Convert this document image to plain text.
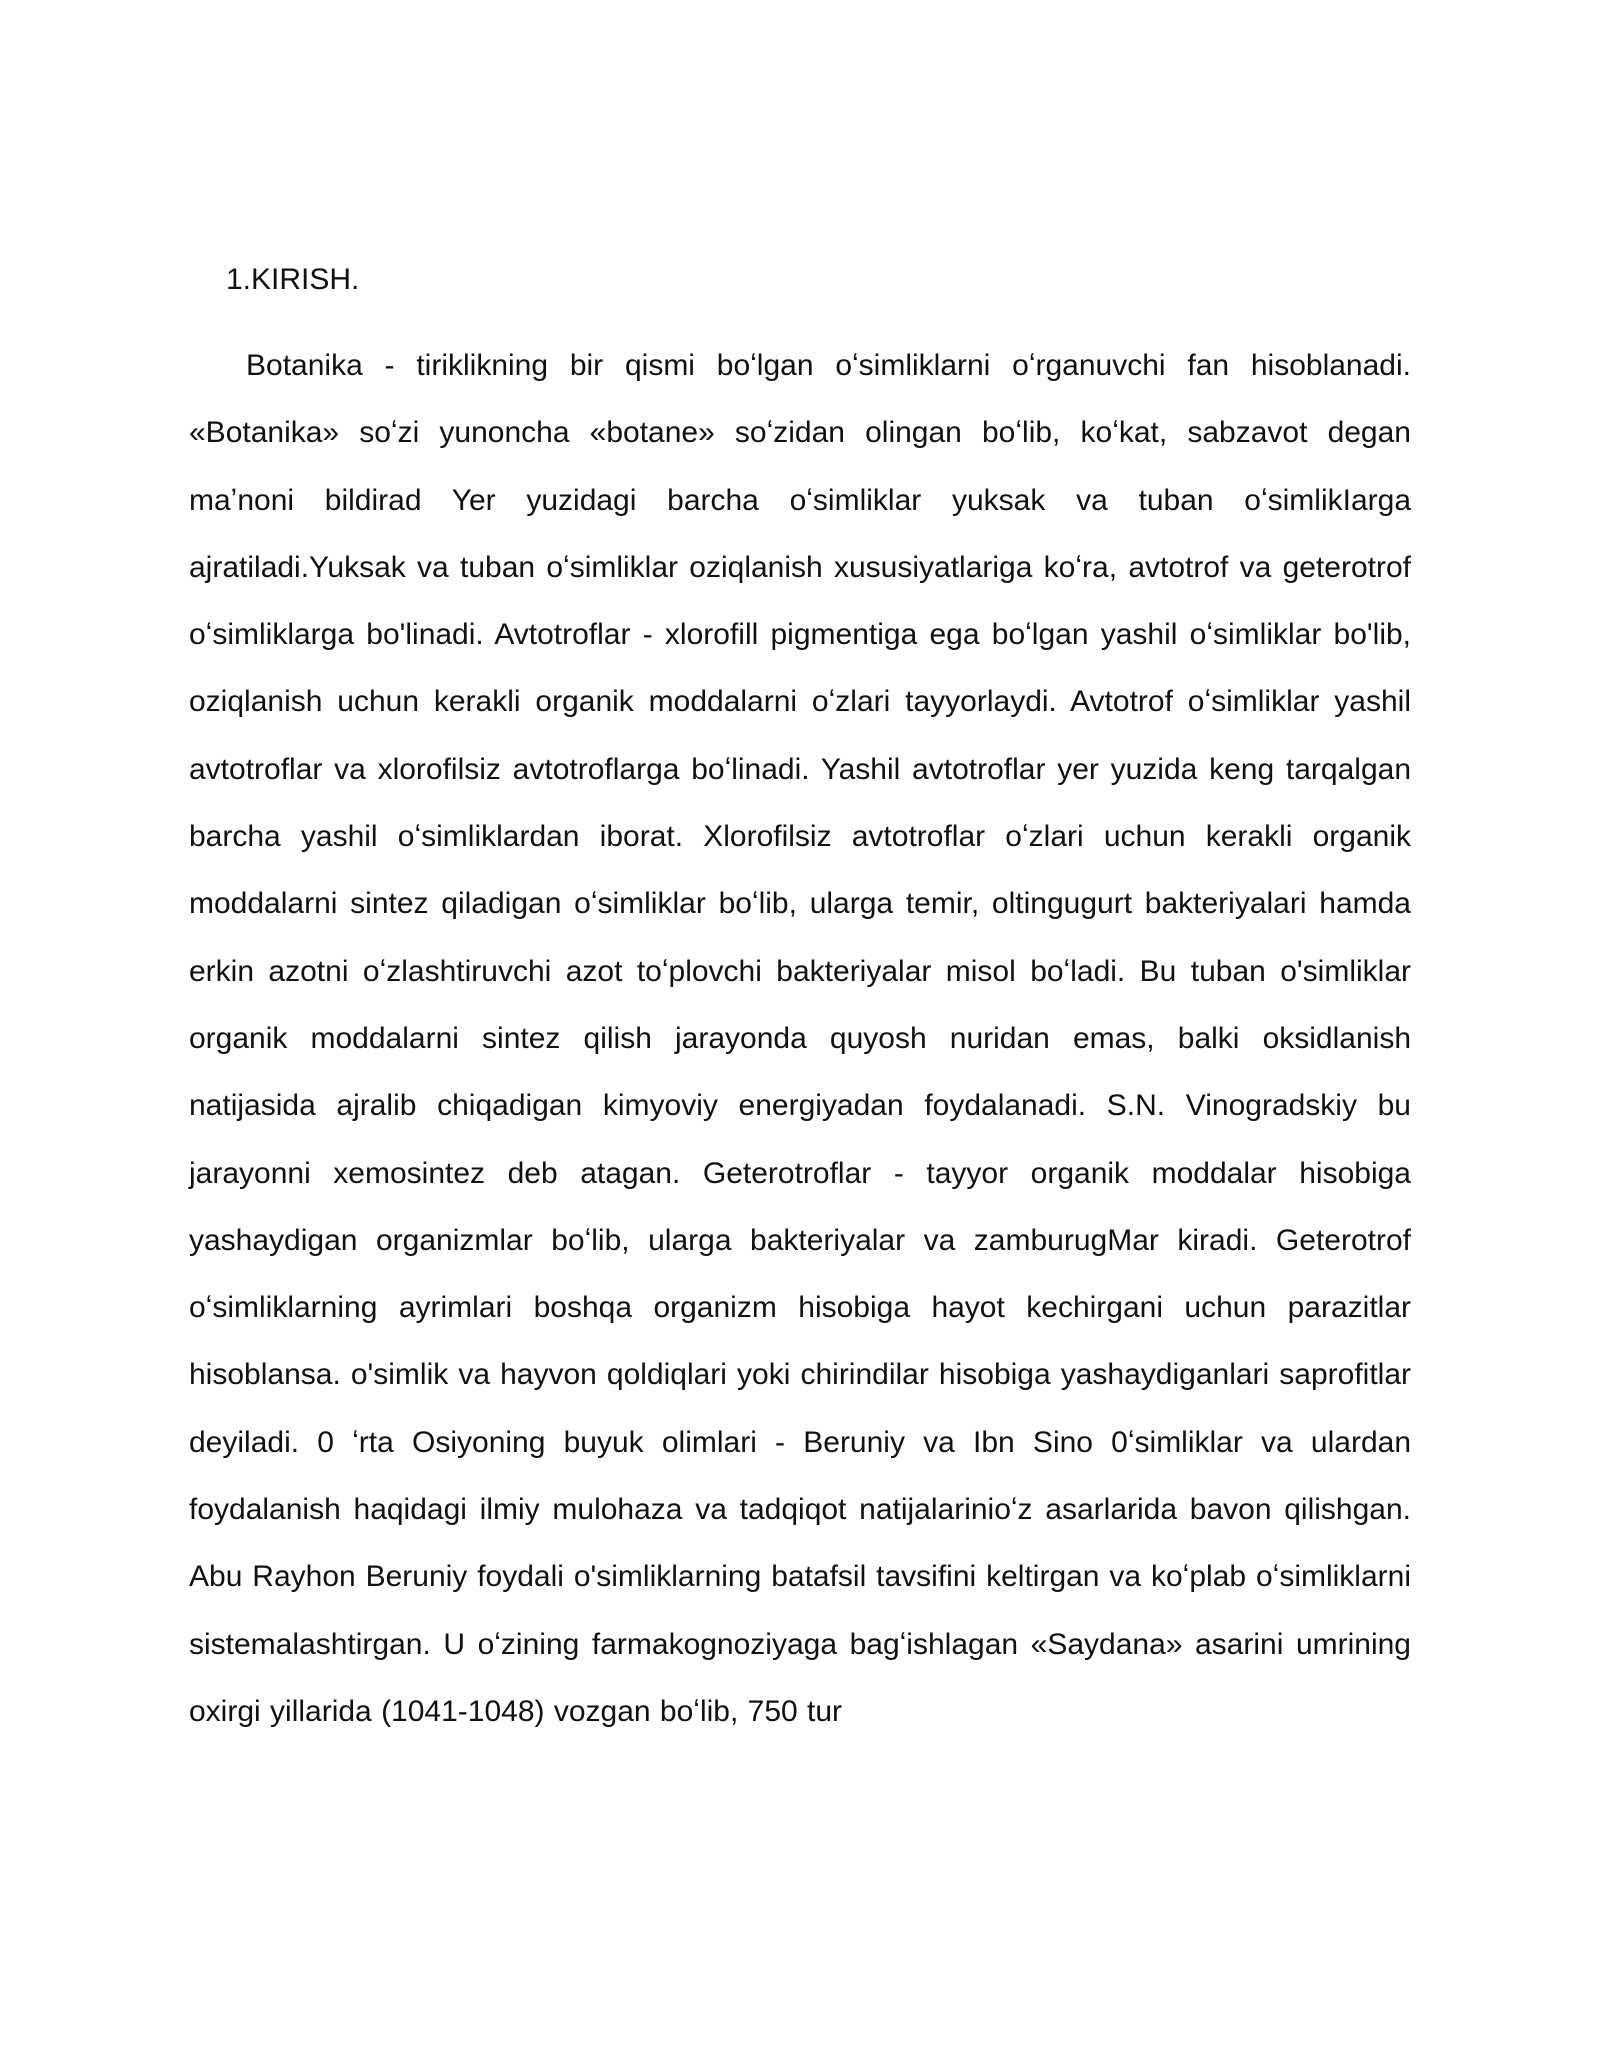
1.KIRISH.

Botanika - tiriklikning bir qismi boʻlgan oʻsimliklarni oʻrganuvchi fan hisoblanadi. «Botanika» soʻzi yunoncha «botane» soʻzidan olingan boʻlib, koʻkat, sabzavot degan maʼnoni bildirad Yer yuzidagi barcha oʻsimliklar yuksak va tuban oʻsimlikIarga ajratiladi.Yuksak va tuban oʻsimliklar oziqlanish xususiyatlariga koʻra, avtotrof va geterotrof oʻsimliklarga bo'linadi. Avtotroflar - xlorofill pigmentiga ega boʻlgan yashil oʻsimliklar bo'lib, oziqlanish uchun kerakli organik moddalarni oʻzlari tayyorlaydi. Avtotrof oʻsimliklar yashil avtotroflar va xlorofilsiz avtotroflarga boʻlinadi. Yashil avtotroflar yer yuzida keng tarqalgan barcha yashil oʻsimliklardan iborat. Xlorofilsiz avtotroflar oʻzlari uchun kerakli organik moddalarni sintez qiladigan oʻsimliklar boʻlib, ularga temir, oltingugurt bakteriyalari hamda erkin azotni oʻzlashtiruvchi azot toʻplovchi bakteriyalar misol boʻladi. Bu tuban o'simliklar organik moddalarni sintez qilish jarayonda quyosh nuridan emas, balki oksidlanish natijasida ajralib chiqadigan kimyoviy energiyadan foydalanadi. S.N. Vinogradskiy bu jarayonni xemosintez deb atagan. Geterotroflar - tayyor organik moddalar hisobiga yashaydigan organizmlar boʻlib, ularga bakteriyalar va zamburugMar kiradi. Geterotrof oʻsimliklarning ayrimlari boshqa organizm hisobiga hayot kechirgani uchun parazitlar hisoblansa. o'simlik va hayvon qoldiqlari yoki chirindilar hisobiga yashaydiganlari saprofitlar deyiladi. 0 ʻrta Osiyoning buyuk olimlari - Beruniy va Ibn Sino 0ʻsimliklar va ulardan foydalanish haqidagi ilmiy mulohaza va tadqiqot natijalarinioʻz asarlarida bavon qilishgan. Abu Rayhon Beruniy foydali o'simliklarning batafsil tavsifini keltirgan va koʻplab oʻsimliklarni sistemalashtirgan. U oʻzining farmakognoziyaga bagʻishlagan «Saydana» asarini umrining oxirgi yillarida (1041-1048) vozgan boʻlib, 750 tur
